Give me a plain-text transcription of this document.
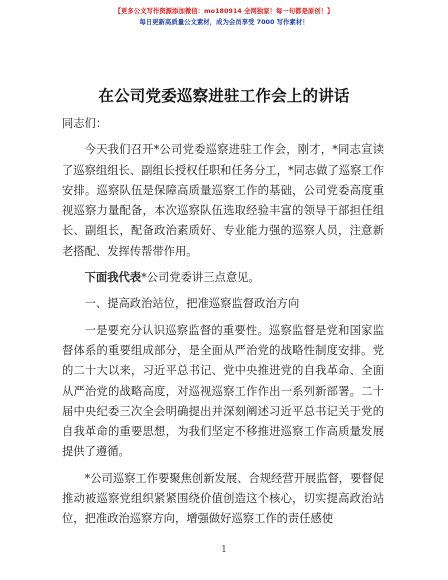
【更多公文写作资源添加微信：mo180914 全网独家！每一句都是原创！】
每日更新高质量公文素材，成为会员享受 7000 写作素材！
在公司党委巡察进驻工作会上的讲话

同志们：

今天我们召开*公司党委巡察进驻工作会，刚才，*同志宣读了巡察组组长、副组长授权任职和任务分工，*同志做了巡察工作安排。巡察队伍是保障高质量巡察工作的基础，公司党委高度重视巡察力量配备，本次巡察队伍选取经验丰富的领导干部担任组长、副组长，配备政治素质好、专业能力强的巡察人员，注意新老搭配、发挥传帮带作用。

下面我代表*公司党委讲三点意见。

一、提高政治站位，把准巡察监督政治方向

一是要充分认识巡察监督的重要性。巡察监督是党和国家监督体系的重要组成部分，是全面从严治党的战略性制度安排。党的二十大以来，习近平总书记、党中央推进党的自我革命、全面从严治党的战略高度，对巡视巡察工作作出一系列新部署。二十届中央纪委三次全会明确提出并深刻阐述习近平总书记关于党的自我革命的重要思想，为我们坚定不移推进巡察工作高质量发展提供了遵循。

*公司巡察工作要聚焦创新发展、合规经营开展监督，要督促推动被巡察党组织紧紧围绕价值创造这个核心，切实提高政治站位，把准政治巡察方向，增强做好巡察工作的责任感使

1
